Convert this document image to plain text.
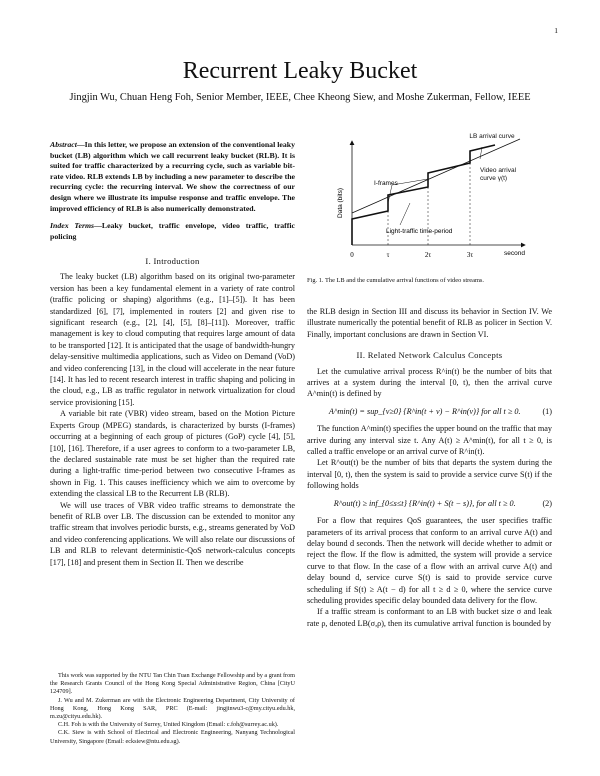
1
Recurrent Leaky Bucket
Jingjin Wu, Chuan Heng Foh, Senior Member, IEEE, Chee Kheong Siew, and Moshe Zukerman, Fellow, IEEE
Abstract—In this letter, we propose an extension of the conventional leaky bucket (LB) algorithm which we call recurrent leaky bucket (RLB). It is suited for traffic characterized by a recurring cycle, such as variable bit-rate video. RLB extends LB by including a new parameter to describe the recurring cycle: the recurring interval. We show the correctness of our design where we illustrate its impulse response and traffic envelope. The improved efficiency of RLB is also numerically demonstrated.
Index Terms—Leaky bucket, traffic envelope, video traffic, traffic policing
I. Introduction
The leaky bucket (LB) algorithm based on its original two-parameter version has been a key fundamental element in a variety of rate control (traffic policing or shaping) algorithms (e.g., [1]–[5]). It has been standardized [6], [7], implemented in routers [2] and given rise to significant research (e.g., [2], [4], [5], [8]–[11]). Moreover, traffic management is key to cloud computing that requires large amount of data to be transported [12]. It is anticipated that the usage of bandwidth-hungry delay-sensitive multimedia applications, such as Video on Demand (VoD) and video conferencing [13], in the cloud will accelerate in the near future [14]. It has led to recent research interest in traffic shaping and policing in the cloud, e.g., LB as traffic regulator in network virtualization for cloud service provisioning [15].
A variable bit rate (VBR) video stream, based on the Motion Picture Experts Group (MPEG) standards, is characterized by bursts (I-frames) occurring at a beginning of each group of pictures (GoP) cycle [4], [5], [10], [16]. Therefore, if a user agrees to conform to a two-parameter LB, the declared sustainable rate must be set higher than the required rate during a light-traffic time-period between two consecutive I-frames as shown in Fig. 1. This causes inefficiency which we aim to overcome by extending the classical LB to the Recurrent LB (RLB).
We will use traces of VBR video traffic streams to demonstrate the benefit of RLB over LB. The discussion can be extended to monitor any traffic stream that involves periodic bursts, e.g., streams generated by VoD and video conferencing applications. We will also relate our discussions of LB and RLB to relevant deterministic-QoS network-calculus concepts [17], [18] and present them in Section II. Then we describe
This work was supported by the NTU Tan Chin Tuan Exchange Fellowship and by a grant from the Research Grants Council of the Hong Kong Special Administrative Region, China [CityU 124709].
J. Wu and M. Zukerman are with the Electronic Engineering Department, City University of Hong Kong, Hong Kong SAR, PRC (E-mail: jingjinwu3-c@my.cityu.edu.hk, m.zu@cityu.edu.hk).
C.H. Foh is with the University of Surrey, United Kingdom (Email: c.foh@surrey.ac.uk).
C.K. Siew is with School of Electrical and Electronic Engineering, Nanyang Technological University, Singapore (Email: ecksiew@ntu.edu.sg).
Data (bits)
second
0	τ	2τ	3τ
LB arrival curve
Video arrival curve γ(t)
I-frames
Light-traffic time-period
Fig. 1. The LB and the cumulative arrival functions of video streams.
the RLB design in Section III and discuss its behavior in Section IV. We illustrate numerically the potential benefit of RLB as policer in Section V. Finally, important conclusions are drawn in Section VI.
II. Related Network Calculus Concepts
Let the cumulative arrival process R^in(t) be the number of bits that arrives at a system during the interval [0, t), then the arrival curve A^min(t) is defined by
A^min(t) = sup_{v≥0} {R^in(t + v) − R^in(v)} for all t ≥ 0.	(1)
The function A^min(t) specifies the upper bound on the traffic that may arrive during any interval size t. Any A(t) ≥ A^min(t), for all t ≥ 0, is called a traffic envelope or an arrival curve of R^in(t).
Let R^out(t) be the number of bits that departs the system during the interval [0, t), then the system is said to provide a service curve S(t) if the following holds
R^out(t) ≥ inf_{0≤s≤t} {R^in(t) + S(t − s)}, for all t ≥ 0.	(2)
For a flow that requires QoS guarantees, the user specifies traffic parameters of its arrival process that conform to an arrival curve A(t) and delay bound d seconds. Then the network will decide whether to admit or reject the flow. If the flow is admitted, the system will provide a service curve to that flow. In the case of a flow with an arrival curve A(t) and delay bound d, service curve S(t) is said to provide service curve scheduling if S(t) ≥ A(t − d) for all t ≥ d ≥ 0, where the service curve scheduling provides specific delay bounded data delivery for the flow.
If a traffic stream is conformant to an LB with bucket size σ and leak rate ρ, denoted LB(σ,ρ), then its cumulative arrival function is bounded by
